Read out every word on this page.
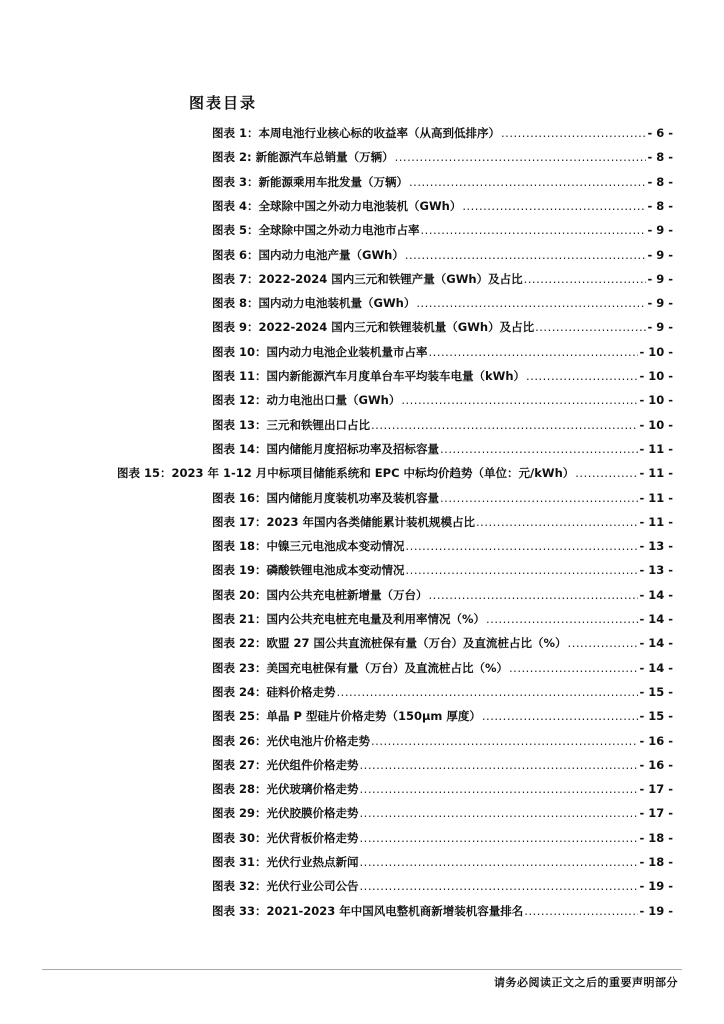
图表目录
图表 1：本周电池行业核心标的收益率（从高到低排序） .....	- 6 -
图表 2: 新能源汽车总销量（万辆） .....	- 8 -
图表 3：新能源乘用车批发量（万辆） .....	- 8 -
图表 4：全球除中国之外动力电池装机（GWh） .....	- 8 -
图表 5：全球除中国之外动力电池市占率 .....	- 9 -
图表 6：国内动力电池产量（GWh） .....	- 9 -
图表 7：2022-2024 国内三元和铁锂产量（GWh）及占比 .....	- 9 -
图表 8：国内动力电池装机量（GWh） .....	- 9 -
图表 9：2022-2024 国内三元和铁锂装机量（GWh）及占比 .....	- 9 -
图表 10：国内动力电池企业装机量市占率 .....	- 10 -
图表 11：国内新能源汽车月度单台车平均装车电量（kWh） .....	- 10 -
图表 12：动力电池出口量（GWh） .....	- 10 -
图表 13：三元和铁锂出口占比 .....	- 10 -
图表 14：国内储能月度招标功率及招标容量 .....	- 11 -
图表 15：2023 年 1-12 月中标项目储能系统和 EPC 中标均价趋势（单位：元/kWh） .....	- 11 -
图表 16：国内储能月度装机功率及装机容量 .....	- 11 -
图表 17：2023 年国内各类储能累计装机规模占比 .....	- 11 -
图表 18：中镍三元电池成本变动情况 .....	- 13 -
图表 19：磷酸铁锂电池成本变动情况 .....	- 13 -
图表 20：国内公共充电桩新增量（万台） .....	- 14 -
图表 21：国内公共充电桩充电量及利用率情况（%） .....	- 14 -
图表 22：欧盟 27 国公共直流桩保有量（万台）及直流桩占比（%） .....	- 14 -
图表 23：美国充电桩保有量（万台）及直流桩占比（%） .....	- 14 -
图表 24：硅料价格走势 .....	- 15 -
图表 25：单晶 P 型硅片价格走势（150μm 厚度） .....	- 15 -
图表 26：光伏电池片价格走势 .....	- 16 -
图表 27：光伏组件价格走势 .....	- 16 -
图表 28：光伏玻璃价格走势 .....	- 17 -
图表 29：光伏胶膜价格走势 .....	- 17 -
图表 30：光伏背板价格走势 .....	- 18 -
图表 31：光伏行业热点新闻 .....	- 18 -
图表 32：光伏行业公司公告 .....	- 19 -
图表 33：2021-2023 年中国风电整机商新增装机容量排名 .....	- 19 -
请务必阅读正文之后的重要声明部分
